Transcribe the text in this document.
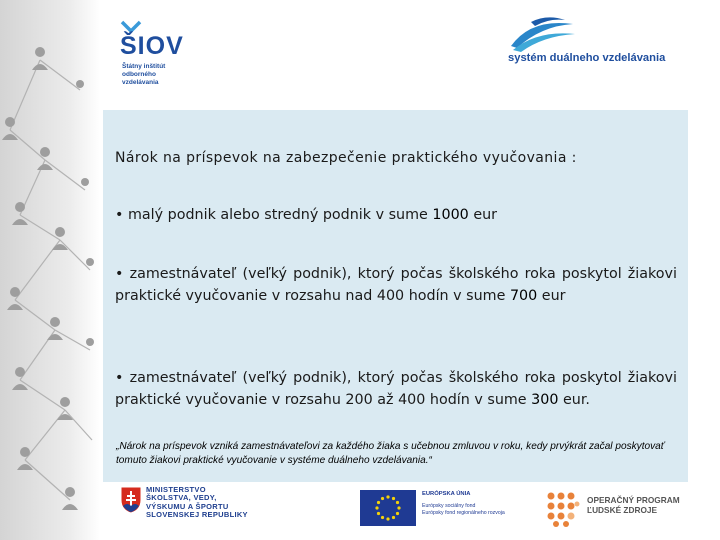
ŠIOV
Štátny inštitút
odborného
vzdelávania
systém duálneho vzdelávania

Nárok na príspevok na zabezpečenie praktického vyučovania :

• malý podnik alebo stredný podnik v sume 1000 eur

• zamestnávateľ (veľký podnik), ktorý počas školského roka poskytol žiakovi praktické vyučovanie v rozsahu nad 400 hodín v sume 700 eur

• zamestnávateľ (veľký podnik), ktorý počas školského roka poskytol žiakovi praktické vyučovanie v rozsahu 200 až 400 hodín v sume 300 eur.

„Nárok na príspevok vzniká zamestnávateľovi za každého žiaka s učebnou zmluvou v roku, kedy prvýkrát začal poskytovať tomuto žiakovi praktické vyučovanie v systéme duálneho vzdelávania.“
MINISTERSTVO
ŠKOLSTVA, VEDY,
VÝSKUMU A ŠPORTU
SLOVENSKEJ REPUBLIKY
EURÓPSKA ÚNIA
Európsky sociálny fond
Európsky fond regionálneho rozvoja
OPERAČNÝ PROGRAM
ĽUDSKÉ ZDROJE
